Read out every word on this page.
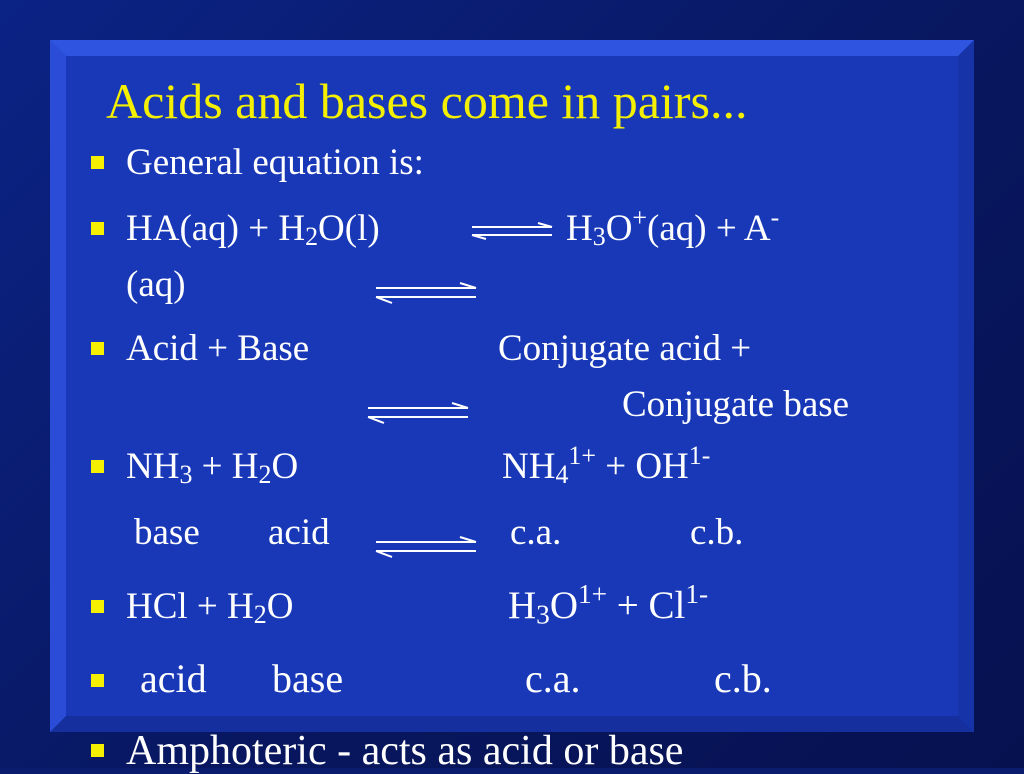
Acids and bases come in pairs...
General equation is:
$HA(aq) + H_2O(l)$	$H_3O^+(aq) + A^-$
(aq)
Acid + Base	Conjugate acid +
Conjugate base
$NH_3 + H_2O$	$NH_4^{1+} + OH^{1-}$
base acid	c.a.	c.b.
HCl + $H_2O$	$H_3O^{1+} + Cl^{1-}$
acid base	c.a.	c.b.
Amphoteric - acts as acid or base
